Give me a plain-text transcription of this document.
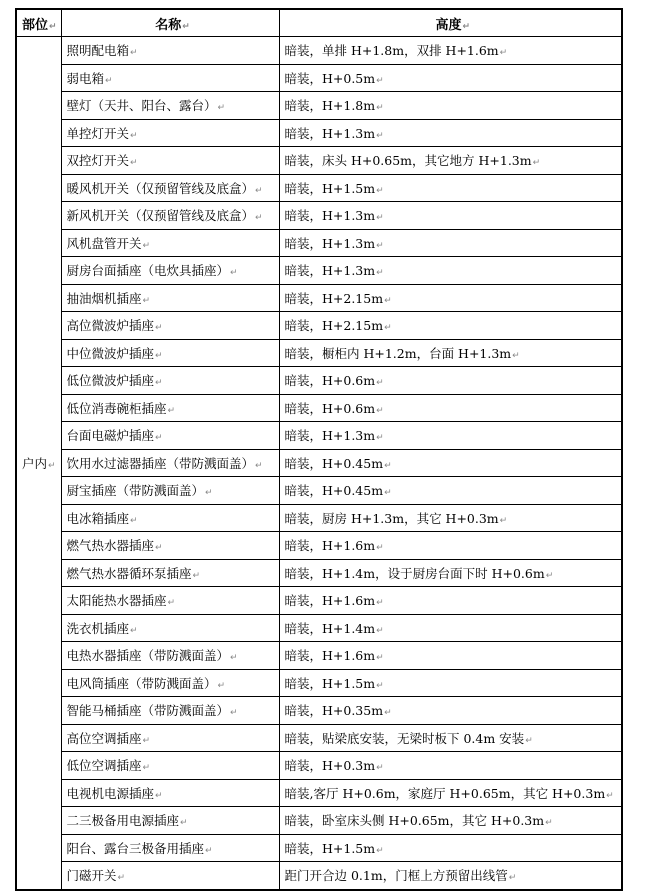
部位↵	名称↵	高度↵
户内↵	照明配电箱↵	暗装，单排 H+1.8m，双排 H+1.6m↵
	弱电箱↵	暗装，H+0.5m↵
	壁灯（天井、阳台、露台）↵	暗装，H+1.8m↵
	单控灯开关↵	暗装，H+1.3m↵
	双控灯开关↵	暗装，床头 H+0.65m，其它地方 H+1.3m↵
	暖风机开关（仅预留管线及底盒）↵	暗装，H+1.5m↵
	新风机开关（仅预留管线及底盒）↵	暗装，H+1.3m↵
	风机盘管开关↵	暗装，H+1.3m↵
	厨房台面插座（电炊具插座）↵	暗装，H+1.3m↵
	抽油烟机插座↵	暗装，H+2.15m↵
	高位微波炉插座↵	暗装，H+2.15m↵
	中位微波炉插座↵	暗装，橱柜内 H+1.2m，台面 H+1.3m↵
	低位微波炉插座↵	暗装，H+0.6m↵
	低位消毒碗柜插座↵	暗装，H+0.6m↵
	台面电磁炉插座↵	暗装，H+1.3m↵
	饮用水过滤器插座（带防溅面盖）↵	暗装，H+0.45m↵
	厨宝插座（带防溅面盖）↵	暗装，H+0.45m↵
	电冰箱插座↵	暗装，厨房 H+1.3m，其它 H+0.3m↵
	燃气热水器插座↵	暗装，H+1.6m↵
	燃气热水器循环泵插座↵	暗装，H+1.4m，设于厨房台面下时 H+0.6m↵
	太阳能热水器插座↵	暗装，H+1.6m↵
	洗衣机插座↵	暗装，H+1.4m↵
	电热水器插座（带防溅面盖）↵	暗装，H+1.6m↵
	电风筒插座（带防溅面盖）↵	暗装，H+1.5m↵
	智能马桶插座（带防溅面盖）↵	暗装，H+0.35m↵
	高位空调插座↵	暗装，贴梁底安装，无梁时板下 0.4m 安装↵
	低位空调插座↵	暗装，H+0.3m↵
	电视机电源插座↵	暗装,客厅 H+0.6m，家庭厅 H+0.65m，其它 H+0.3m↵
	二三极备用电源插座↵	暗装，卧室床头侧 H+0.65m，其它 H+0.3m↵
	阳台、露台三极备用插座↵	暗装，H+1.5m↵
	门磁开关↵	距门开合边 0.1m，门框上方预留出线管↵
